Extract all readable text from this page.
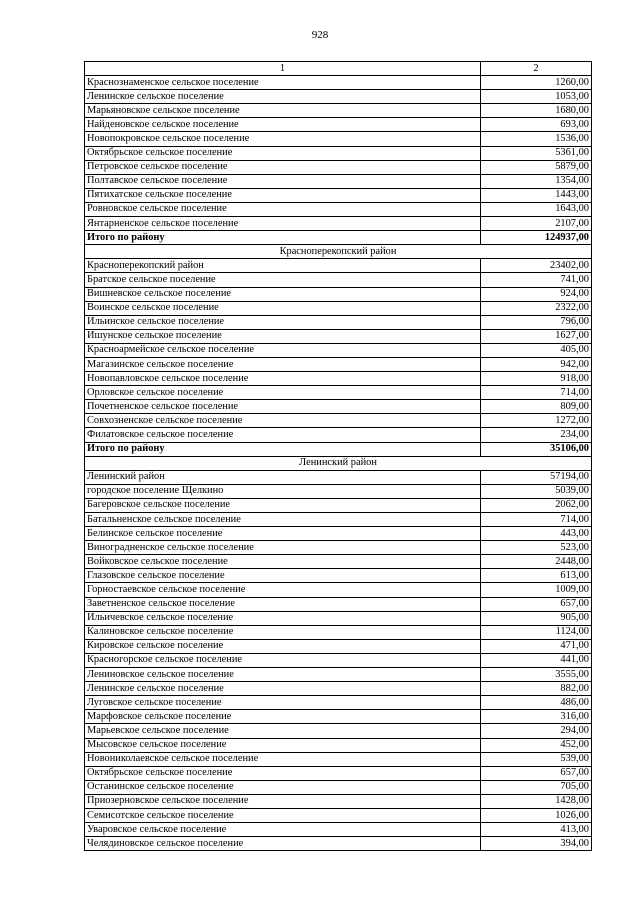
928
1	2
Краснознаменское сельское поселение	1260,00
Ленинское сельское поселение	1053,00
Марьяновское сельское поселение	1680,00
Найденовское сельское поселение	693,00
Новопокровское сельское поселение	1536,00
Октябрьское сельское поселение	5361,00
Петровское сельское поселение	5879,00
Полтавское сельское поселение	1354,00
Пятихатское сельское поселение	1443,00
Ровновское сельское поселение	1643,00
Янтарненское сельское поселение	2107,00
Итого по району	124937,00
Красноперекопский район	
Красноперекопский район	23402,00
Братское сельское поселение	741,00
Вишневское сельское поселение	924,00
Воинское сельское поселение	2322,00
Ильинское сельское поселение	796,00
Ишунское сельское поселение	1627,00
Красноармейское сельское поселение	405,00
Магазинское сельское поселение	942,00
Новопавловское сельское поселение	918,00
Орловское сельское поселение	714,00
Почетненское сельское поселение	809,00
Совхозненское сельское поселение	1272,00
Филатовское сельское поселение	234,00
Итого по району	35106,00
Ленинский район	
Ленинский район	57194,00
городское поселение Щелкино	5039,00
Багеровское сельское поселение	2062,00
Батальненское сельское поселение	714,00
Белинское сельское поселение	443,00
Виноградненское сельское поселение	523,00
Войковское сельское поселение	2448,00
Глазовское сельское поселение	613,00
Горностаевское сельское поселение	1009,00
Заветненское сельское поселение	657,00
Ильичевское сельское поселение	905,00
Калиновское сельское поселение	1124,00
Кировское сельское поселение	471,00
Красногорское сельское поселение	441,00
Лениновское сельское поселение	3555,00
Ленинское сельское поселение	882,00
Луговское сельское поселение	486,00
Марфовское сельское поселение	316,00
Марьевское сельское поселение	294,00
Мысовское сельское поселение	452,00
Новониколаевское сельское поселение	539,00
Октябрьское сельское поселение	657,00
Останинское сельское поселение	705,00
Приозерновское сельское поселение	1428,00
Семисотское сельское поселение	1026,00
Уваровское сельское поселение	413,00
Челядиновское сельское поселение	394,00
